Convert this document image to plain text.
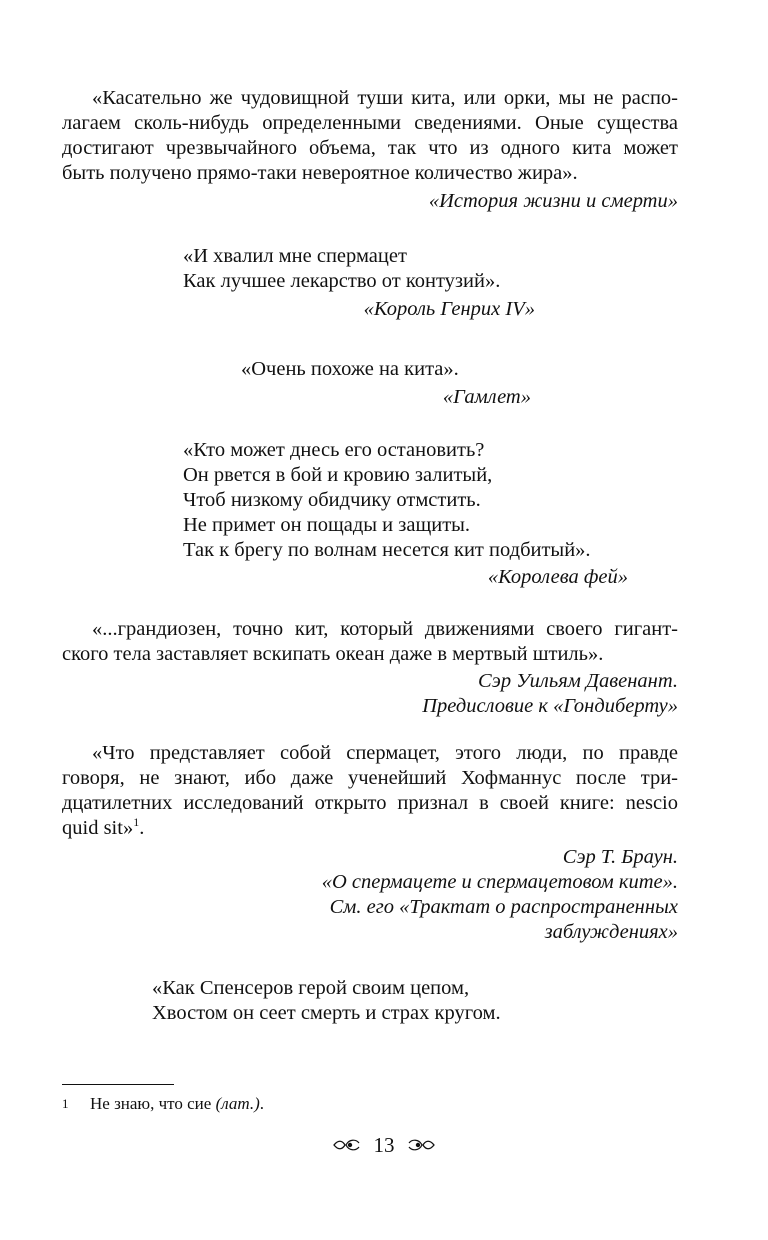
«Касательно же чудовищной туши кита, или орки, мы не распо-
лагаем сколь-нибудь определенными сведениями. Оные существа
достигают чрезвычайного объема, так что из одного кита может
быть получено прямо-таки невероятное количество жира».
«История жизни и смерти»
«И хвалил мне спермацет
Как лучшее лекарство от контузий».
«Король Генрих IV»
«Очень похоже на кита».
«Гамлет»
«Кто может днесь его остановить?
Он рвется в бой и кровию залитый,
Чтоб низкому обидчику отмстить.
Не примет он пощады и защиты.
Так к брегу по волнам несется кит подбитый».
«Королева фей»
«...грандиозен, точно кит, который движениями своего гигант-
ского тела заставляет вскипать океан даже в мертвый штиль».
Сэр Уильям Давенант.
Предисловие к «Гондиберту»
«Что представляет собой спермацет, этого люди, по правде
говоря, не знают, ибо даже ученейший Хофманнус после три-
дцатилетних исследований открыто признал в своей книге: nescio
quid sit»$^1$.
Сэр Т. Браун.
«О спермацете и спермацетовом ките».
См. его «Трактат о распространенных
заблуждениях»
«Как Спенсеров герой своим цепом,
Хвостом он сеет смерть и страх кругом.
1 Не знаю, что сие (лат.).
13
